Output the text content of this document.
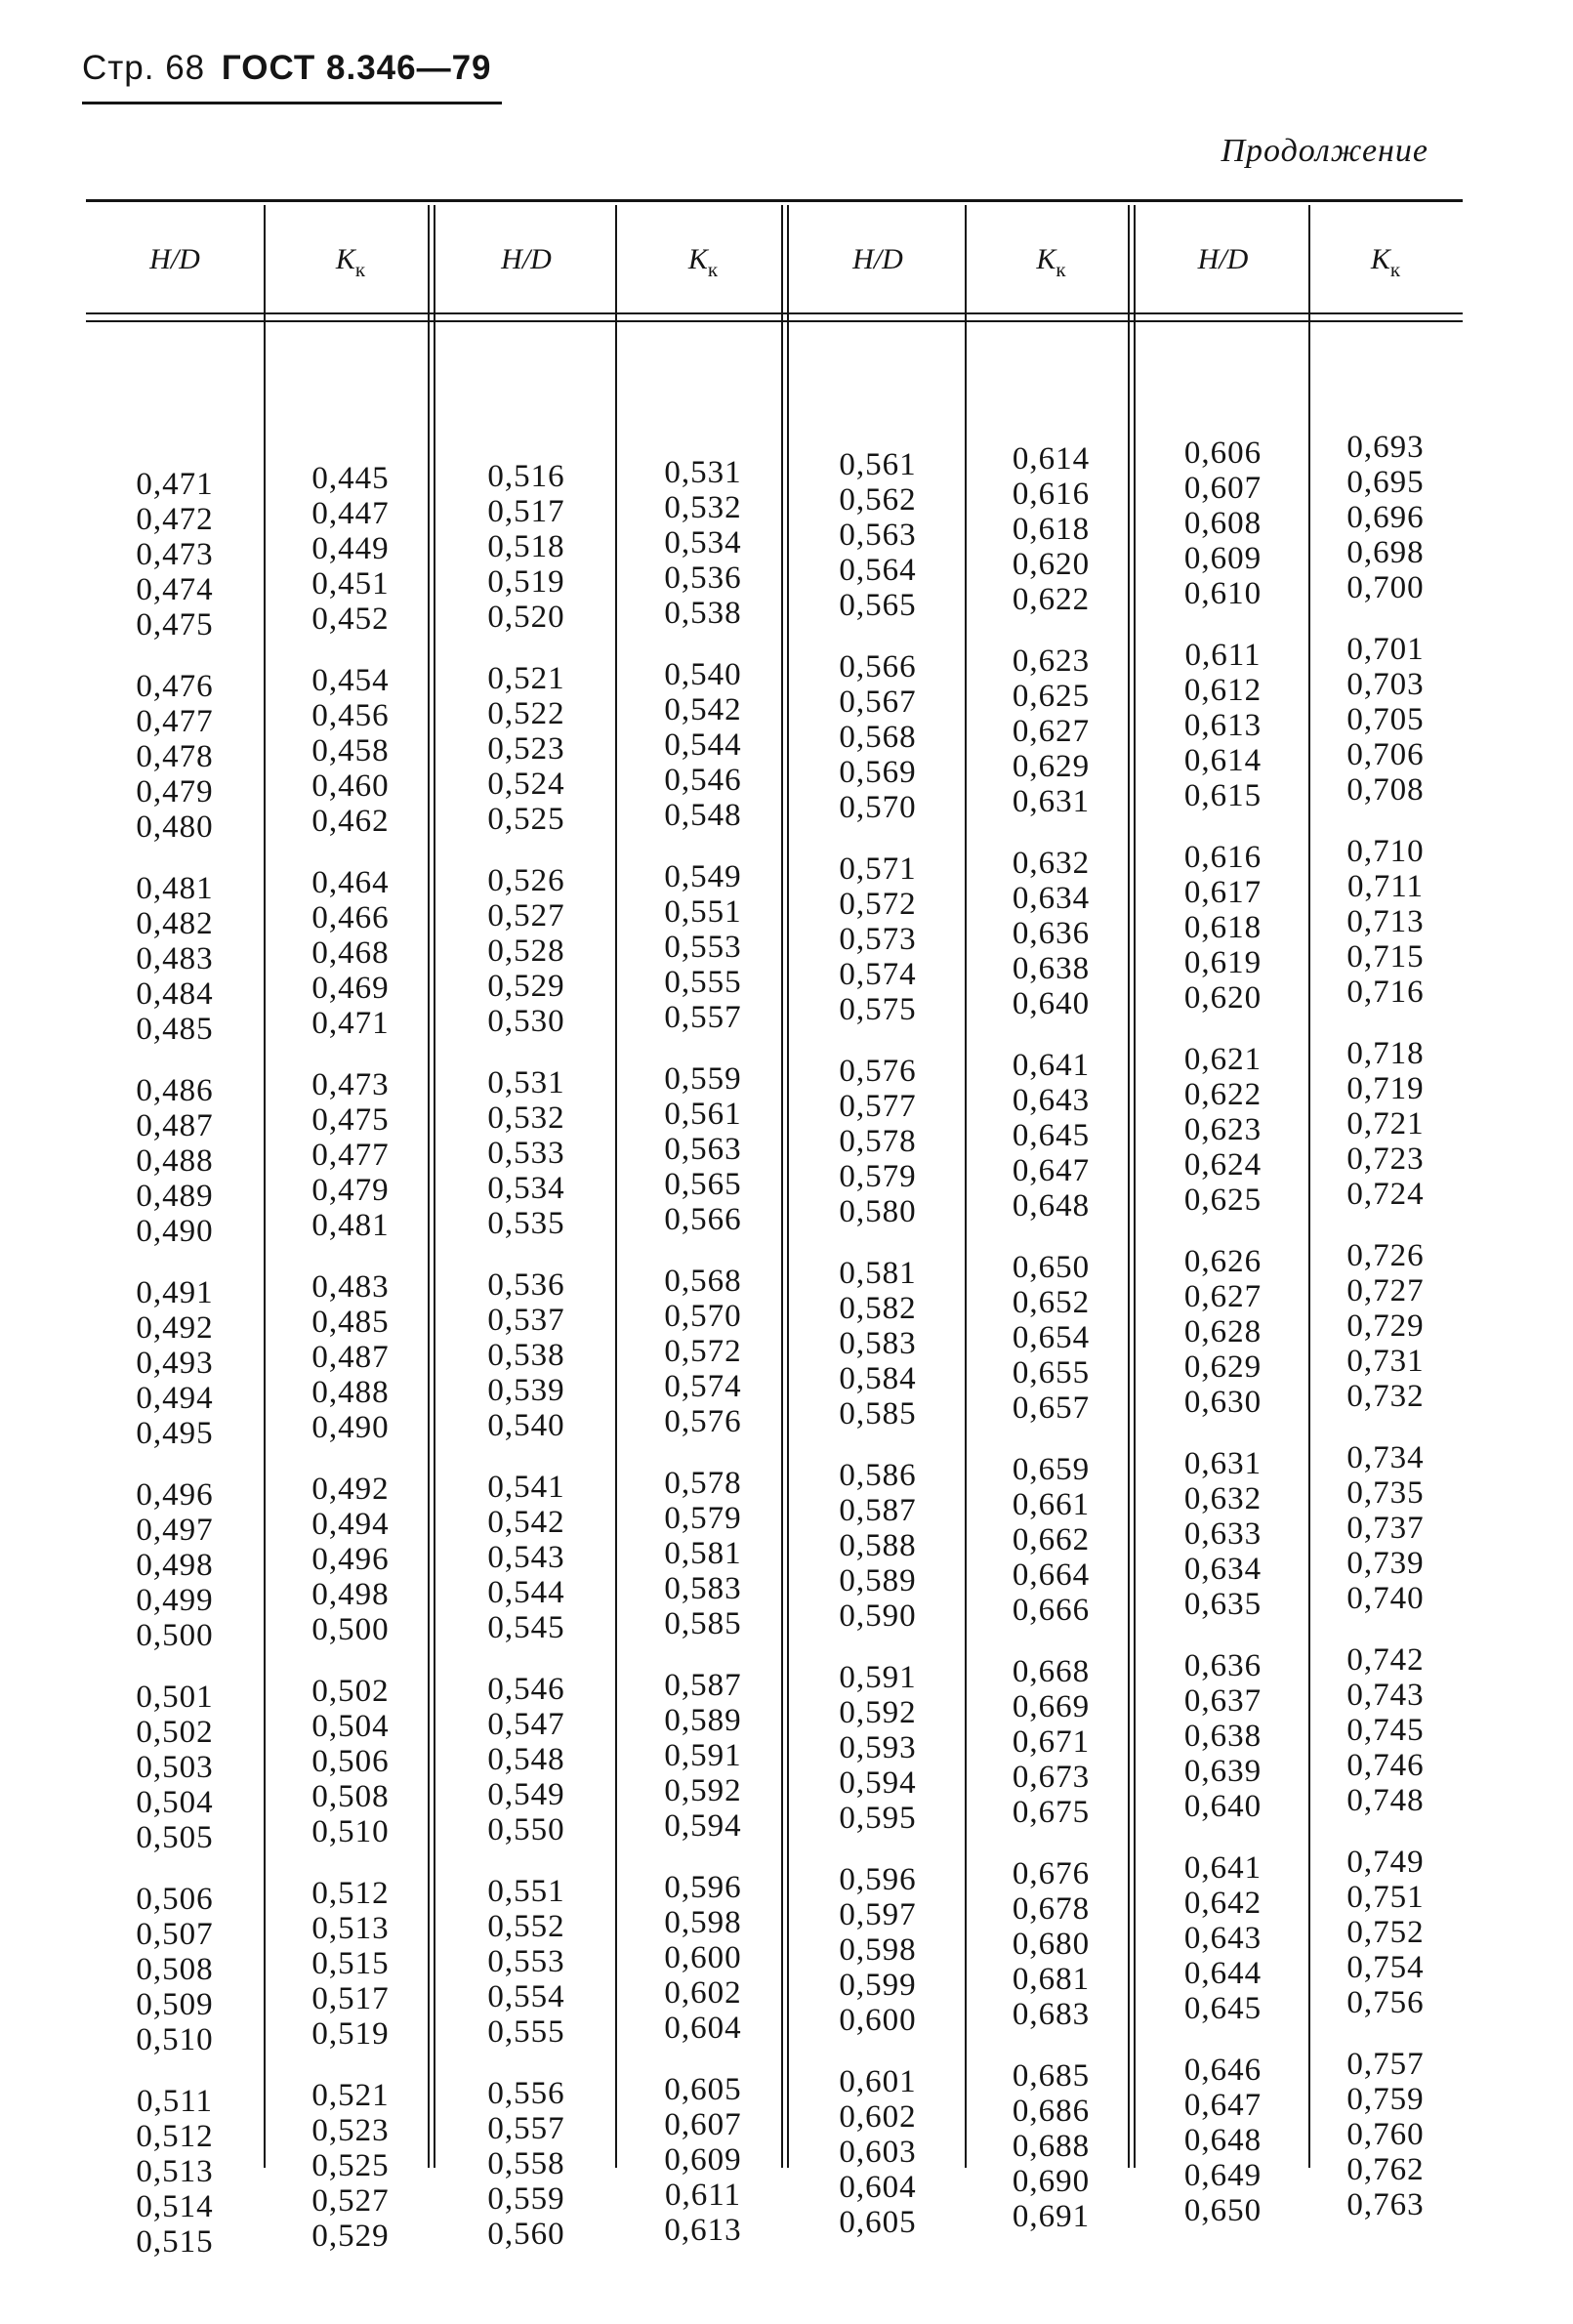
Стр. 68 ГОСТ 8.346—79
Продолжение
H/D
0,471
0,472
0,473
0,474
0,475
0,476
0,477
0,478
0,479
0,480
0,481
0,482
0,483
0,484
0,485
0,486
0,487
0,488
0,489
0,490
0,491
0,492
0,493
0,494
0,495
0,496
0,497
0,498
0,499
0,500
0,501
0,502
0,503
0,504
0,505
0,506
0,507
0,508
0,509
0,510
0,511
0,512
0,513
0,514
0,515
$K_к$
0,445
0,447
0,449
0,451
0,452
0,454
0,456
0,458
0,460
0,462
0,464
0,466
0,468
0,469
0,471
0,473
0,475
0,477
0,479
0,481
0,483
0,485
0,487
0,488
0,490
0,492
0,494
0,496
0,498
0,500
0,502
0,504
0,506
0,508
0,510
0,512
0,513
0,515
0,517
0,519
0,521
0,523
0,525
0,527
0,529
H/D
0,516
0,517
0,518
0,519
0,520
0,521
0,522
0,523
0,524
0,525
0,526
0,527
0,528
0,529
0,530
0,531
0,532
0,533
0,534
0,535
0,536
0,537
0,538
0,539
0,540
0,541
0,542
0,543
0,544
0,545
0,546
0,547
0,548
0,549
0,550
0,551
0,552
0,553
0,554
0,555
0,556
0,557
0,558
0,559
0,560
$K_к$
0,531
0,532
0,534
0,536
0,538
0,540
0,542
0,544
0,546
0,548
0,549
0,551
0,553
0,555
0,557
0,559
0,561
0,563
0,565
0,566
0,568
0,570
0,572
0,574
0,576
0,578
0,579
0,581
0,583
0,585
0,587
0,589
0,591
0,592
0,594
0,596
0,598
0,600
0,602
0,604
0,605
0,607
0,609
0,611
0,613
H/D
0,561
0,562
0,563
0,564
0,565
0,566
0,567
0,568
0,569
0,570
0,571
0,572
0,573
0,574
0,575
0,576
0,577
0,578
0,579
0,580
0,581
0,582
0,583
0,584
0,585
0,586
0,587
0,588
0,589
0,590
0,591
0,592
0,593
0,594
0,595
0,596
0,597
0,598
0,599
0,600
0,601
0,602
0,603
0,604
0,605
$K_к$
0,614
0,616
0,618
0,620
0,622
0,623
0,625
0,627
0,629
0,631
0,632
0,634
0,636
0,638
0,640
0,641
0,643
0,645
0,647
0,648
0,650
0,652
0,654
0,655
0,657
0,659
0,661
0,662
0,664
0,666
0,668
0,669
0,671
0,673
0,675
0,676
0,678
0,680
0,681
0,683
0,685
0,686
0,688
0,690
0,691
H/D
0,606
0,607
0,608
0,609
0,610
0,611
0,612
0,613
0,614
0,615
0,616
0,617
0,618
0,619
0,620
0,621
0,622
0,623
0,624
0,625
0,626
0,627
0,628
0,629
0,630
0,631
0,632
0,633
0,634
0,635
0,636
0,637
0,638
0,639
0,640
0,641
0,642
0,643
0,644
0,645
0,646
0,647
0,648
0,649
0,650
$K_к$
0,693
0,695
0,696
0,698
0,700
0,701
0,703
0,705
0,706
0,708
0,710
0,711
0,713
0,715
0,716
0,718
0,719
0,721
0,723
0,724
0,726
0,727
0,729
0,731
0,732
0,734
0,735
0,737
0,739
0,740
0,742
0,743
0,745
0,746
0,748
0,749
0,751
0,752
0,754
0,756
0,757
0,759
0,760
0,762
0,763
